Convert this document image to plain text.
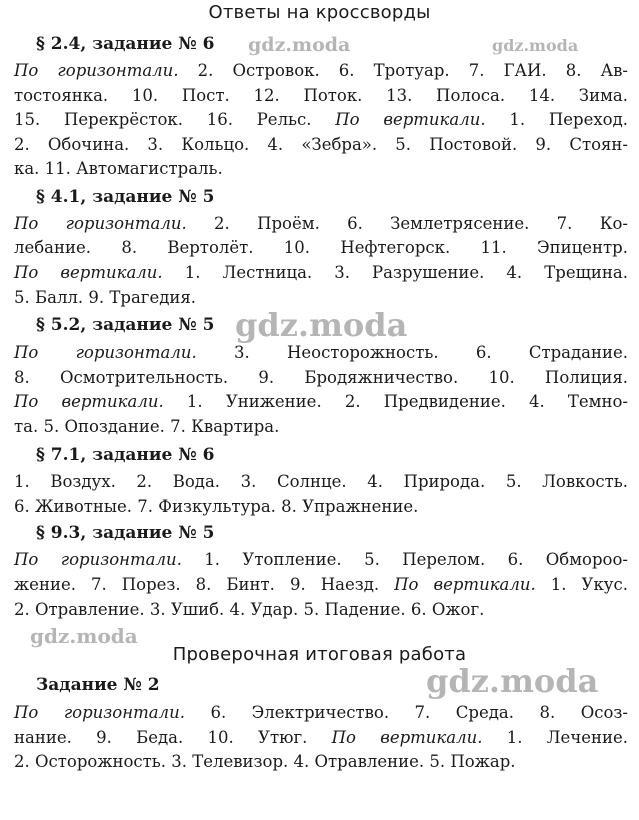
Ответы на кроссворды
§ 2.4, задание № 6
По горизонтали. 2. Островок. 6. Тротуар. 7. ГАИ. 8. Ав-
тостоянка. 10. Пост. 12. Поток. 13. Полоса. 14. Зима.
15. Перекрёсток. 16. Рельс. По вертикали. 1. Переход.
2. Обочина. 3. Кольцо. 4. «Зебра». 5. Постовой. 9. Стоян-
ка. 11. Автомагистраль.
§ 4.1, задание № 5
По горизонтали. 2. Проём. 6. Землетрясение. 7. Ко-
лебание. 8. Вертолёт. 10. Нефтегорск. 11. Эпицентр.
По вертикали. 1. Лестница. 3. Разрушение. 4. Трещина.
5. Балл. 9. Трагедия.
§ 5.2, задание № 5
По горизонтали. 3. Неосторожность. 6. Страдание.
8. Осмотрительность. 9. Бродяжничество. 10. Полиция.
По вертикали. 1. Унижение. 2. Предвидение. 4. Темно-
та. 5. Опоздание. 7. Квартира.
§ 7.1, задание № 6
1. Воздух. 2. Вода. 3. Солнце. 4. Природа. 5. Ловкость.
6. Животные. 7. Физкультура. 8. Упражнение.
§ 9.3, задание № 5
По горизонтали. 1. Утопление. 5. Перелом. 6. Обмороо-
жение. 7. Порез. 8. Бинт. 9. Наезд. По вертикали. 1. Укус.
2. Отравление. 3. Ушиб. 4. Удар. 5. Падение. 6. Ожог.
Проверочная итоговая работа
Задание № 2
По горизонтали. 6. Электричество. 7. Среда. 8. Осоз-
нание. 9. Беда. 10. Утюг. По вертикали. 1. Лечение.
2. Осторожность. 3. Телевизор. 4. Отравление. 5. Пожар.
gdz.moda	gdz.moda
gdz.moda
gdz.moda
gdz.moda
